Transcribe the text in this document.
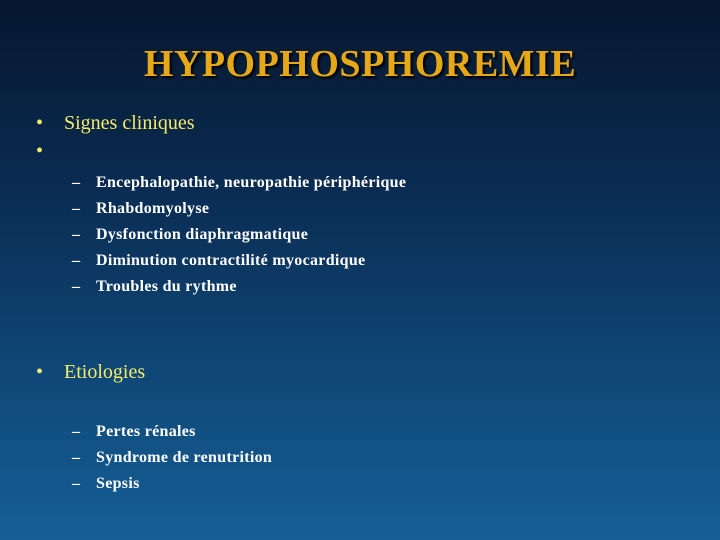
HYPOPHOSPHOREMIE
•	Signes cliniques
•
– Encephalopathie, neuropathie périphérique
– Rhabdomyolyse
– Dysfonction diaphragmatique
– Diminution contractilité myocardique
– Troubles du rythme
•	Etiologies
– Pertes rénales
– Syndrome de renutrition
– Sepsis
